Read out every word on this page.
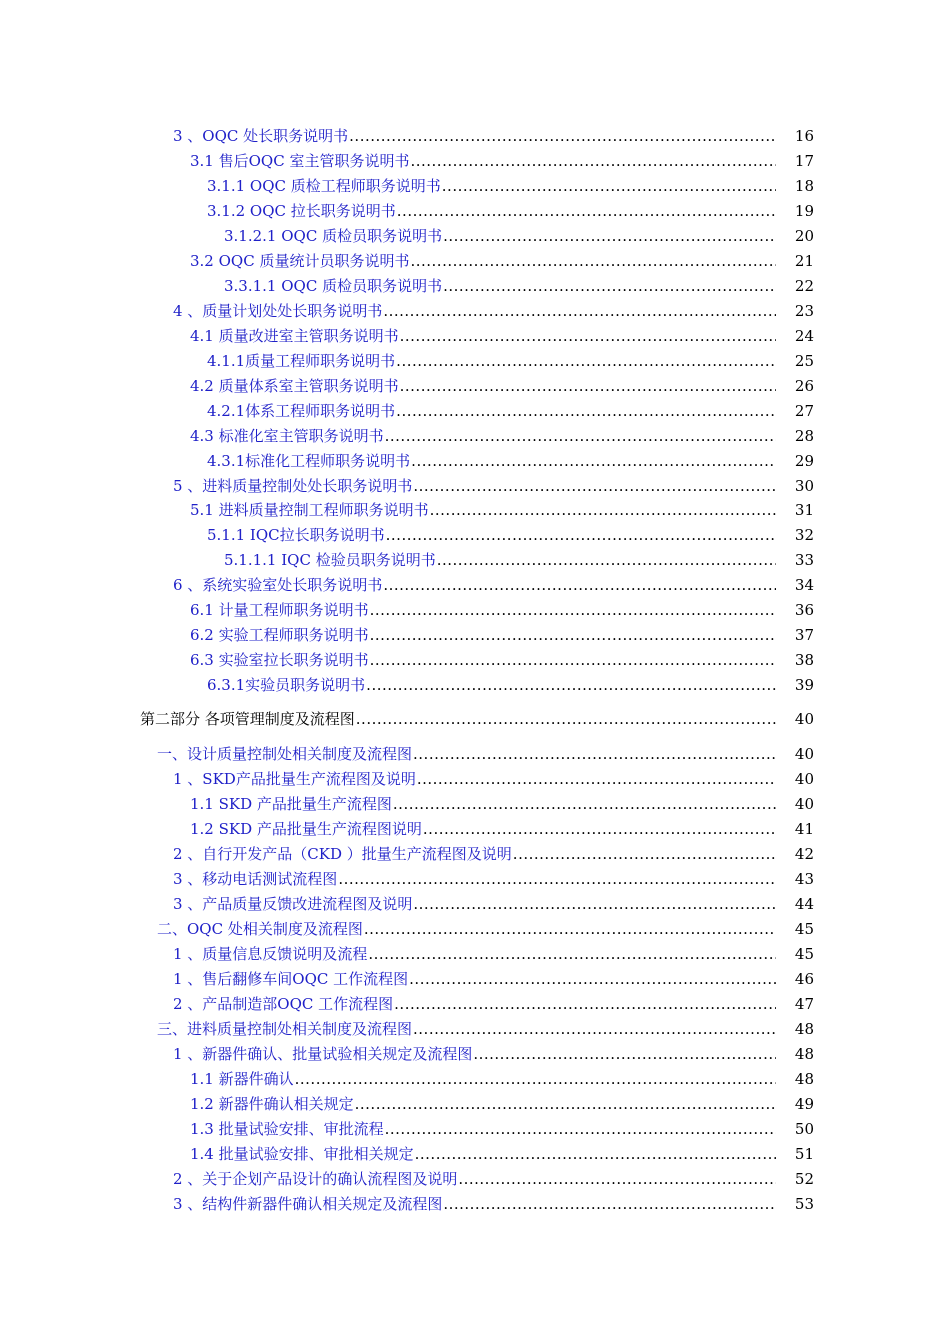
3 、OQC 处长职务说明书 .....	16
3.1 售后OQC 室主管职务说明书 .....	17
3.1.1 OQC 质检工程师职务说明书 .....	18
3.1.2 OQC 拉长职务说明书 .....	19
3.1.2.1 OQC 质检员职务说明书 .....	20
3.2 OQC 质量统计员职务说明书 .....	21
3.3.1.1 OQC 质检员职务说明书 .....	22
4 、质量计划处处长职务说明书 .....	23
4.1 质量改进室主管职务说明书 .....	24
4.1.1质量工程师职务说明书 .....	25
4.2 质量体系室主管职务说明书 .....	26
4.2.1体系工程师职务说明书 .....	27
4.3 标准化室主管职务说明书 .....	28
4.3.1标准化工程师职务说明书 .....	29
5 、进料质量控制处处长职务说明书 .....	30
5.1 进料质量控制工程师职务说明书 .....	31
5.1.1 IQC拉长职务说明书 .....	32
5.1.1.1 IQC 检验员职务说明书 .....	33
6 、系统实验室处长职务说明书 .....	34
6.1 计量工程师职务说明书 .....	36
6.2 实验工程师职务说明书 .....	37
6.3 实验室拉长职务说明书 .....	38
6.3.1实验员职务说明书 .....	39
第二部分 各项管理制度及流程图 .....	40
一、设计质量控制处相关制度及流程图 .....	40
1 、SKD产品批量生产流程图及说明 .....	40
1.1 SKD 产品批量生产流程图 .....	40
1.2 SKD 产品批量生产流程图说明 .....	41
2 、自行开发产品（CKD ）批量生产流程图及说明 .....	42
3 、移动电话测试流程图 .....	43
3 、产品质量反馈改进流程图及说明 .....	44
二、OQC 处相关制度及流程图 .....	45
1 、质量信息反馈说明及流程 .....	45
1 、售后翻修车间OQC 工作流程图 .....	46
2 、产品制造部OQC 工作流程图 .....	47
三、进料质量控制处相关制度及流程图 .....	48
1 、新器件确认、批量试验相关规定及流程图 .....	48
1.1 新器件确认 .....	48
1.2 新器件确认相关规定 .....	49
1.3 批量试验安排、审批流程 .....	50
1.4 批量试验安排、审批相关规定 .....	51
2 、关于企划产品设计的确认流程图及说明 .....	52
3 、结构件新器件确认相关规定及流程图 .....	53
